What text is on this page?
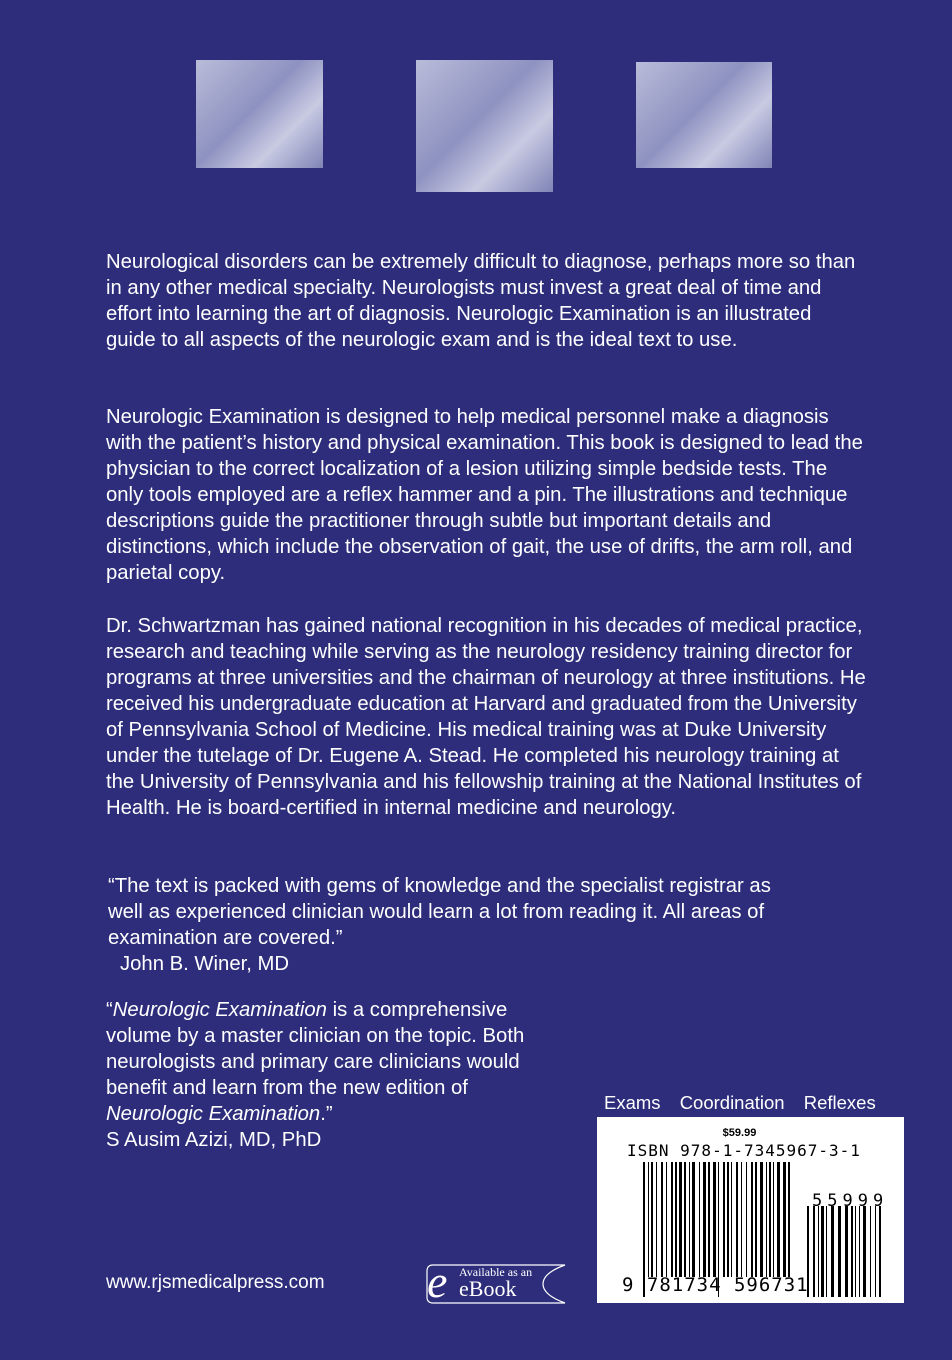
Neurological disorders can be extremely difficult to diagnose, perhaps more so than in any other medical specialty. Neurologists must invest a great deal of time and effort into learning the art of diagnosis. Neurologic Examination is an illustrated guide to all aspects of the neurologic exam and is the ideal text to use.

Neurologic Examination is designed to help medical personnel make a diagnosis with the patient’s history and physical examination. This book is designed to lead the physician to the correct localization of a lesion utilizing simple bedside tests. The only tools employed are a reflex hammer and a pin. The illustrations and technique descriptions guide the practitioner through subtle but important details and distinctions, which include the observation of gait, the use of drifts, the arm roll, and parietal copy.

Dr. Schwartzman has gained national recognition in his decades of medical practice, research and teaching while serving as the neurology residency training director for programs at three universities and the chairman of neurology at three institutions. He received his undergraduate education at Harvard and graduated from the University of Pennsylvania School of Medicine. His medical training was at Duke University under the tutelage of Dr. Eugene A. Stead. He completed his neurology training at the University of Pennsylvania and his fellowship training at the National Institutes of Health. He is board-certified in internal medicine and neurology.

“The text is packed with gems of knowledge and the specialist registrar as well as experienced clinician would learn a lot from reading it. All areas of examination are covered.”

John B. Winer, MD

“Neurologic Examination is a comprehensive volume by a master clinician on the topic. Both neurologists and primary care clinicians would benefit and learn from the new edition of Neurologic Examination.”

S Ausim Azizi, MD, PhD

www.rjsmedicalpress.com e Available as an
eBook
Exams Coordination Reflexes
$59.99
ISBN 978-1-7345967-3-1
55999
9 781734 596731
